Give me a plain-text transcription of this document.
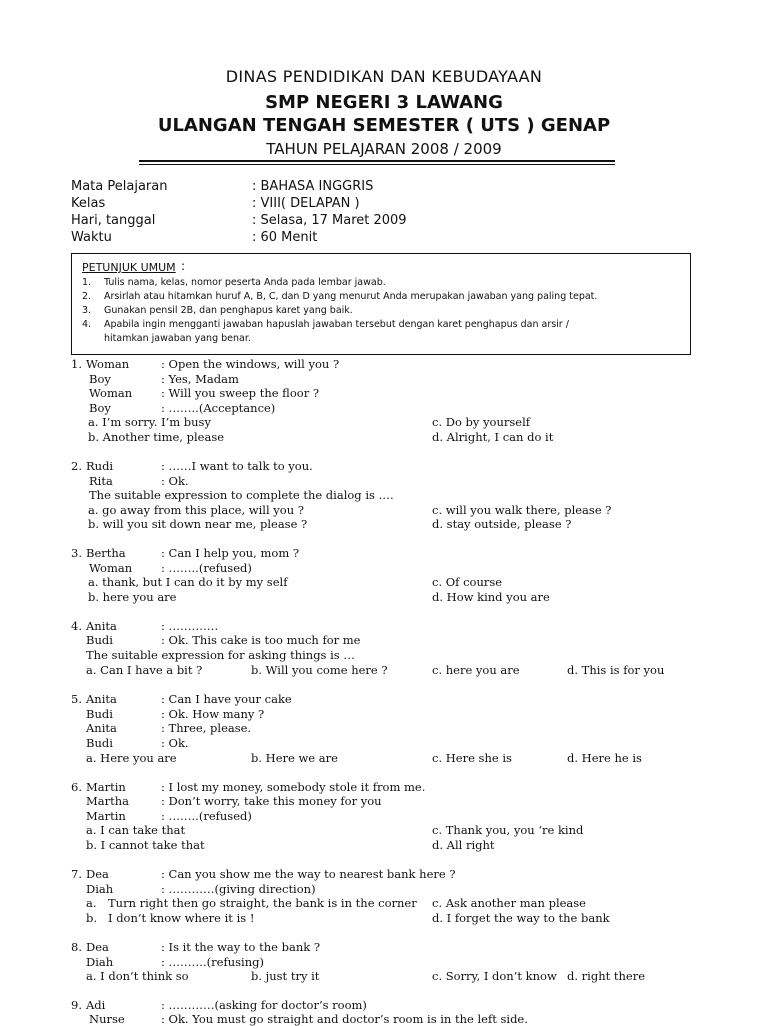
DINAS PENDIDIKAN DAN KEBUDAYAAN
SMP NEGERI 3 LAWANG
ULANGAN TENGAH SEMESTER ( UTS ) GENAP
TAHUN PELAJARAN 2008 / 2009
Mata Pelajaran	: BAHASA INGGRIS
Kelas	: VIII( DELAPAN )
Hari, tanggal	: Selasa, 17 Maret 2009
Waktu	: 60 Menit
PETUNJUK UMUM :
1. Tulis nama, kelas, nomor peserta Anda pada lembar jawab.
2. Arsirlah atau hitamkan huruf A, B, C, dan D yang menurut Anda merupakan jawaban yang paling tepat.
3. Gunakan pensil 2B, dan penghapus karet yang baik.
4. Apabila ingin mengganti jawaban hapuslah jawaban tersebut dengan karet penghapus dan arsir /
hitamkan jawaban yang benar.
1. Woman	: Open the windows, will you ?
Boy	: Yes, Madam
Woman	: Will you sweep the floor ?
Boy	: ……..(Acceptance)
a. I’m sorry. I’m busy	c. Do by yourself
b. Another time, please	d. Alright, I can do it
2. Rudi	: ……I want to talk to you.
Rita	: Ok.
The suitable expression to complete the dialog is ….
a. go away from this place, will you ?	c. will you walk there, please ?
b. will you sit down near me, please ?	d. stay outside, please ?
3. Bertha	: Can I help you, mom ?
Woman	: ……..(refused)
a. thank, but I can do it by my self	c. Of course
b. here you are	d. How kind you are
4. Anita	: ………….
Budi	: Ok. This cake is too much for me
The suitable expression for asking things is …
a. Can I have a bit ?	b. Will you come here ?	c. here you are	d. This is for you
5. Anita	: Can I have your cake
Budi	: Ok. How many ?
Anita	: Three, please.
Budi	: Ok.
a. Here you are	b. Here we are	c. Here she is	d. Here he is
6. Martin	: I lost my money, somebody stole it from me.
Martha	: Don’t worry, take this money for you
Martin	: ……..(refused)
a. I can take that	c. Thank you, you ‘re kind
b. I cannot take that	d. All right
7. Dea	: Can you show me the way to nearest bank here ?
Diah	: …………(giving direction)
a. Turn right then go straight, the bank is in the corner c. Ask another man please
b. I don’t know where it is !	d. I forget the way to the bank
8. Dea	: Is it the way to the bank ?
Diah	: ……….(refusing)
a. I don’t think so	b. just try it	c. Sorry, I don’t know d. right there
9. Adi	: …………(asking for doctor’s room)
Nurse	: Ok. You must go straight and doctor’s room is in the left side.
